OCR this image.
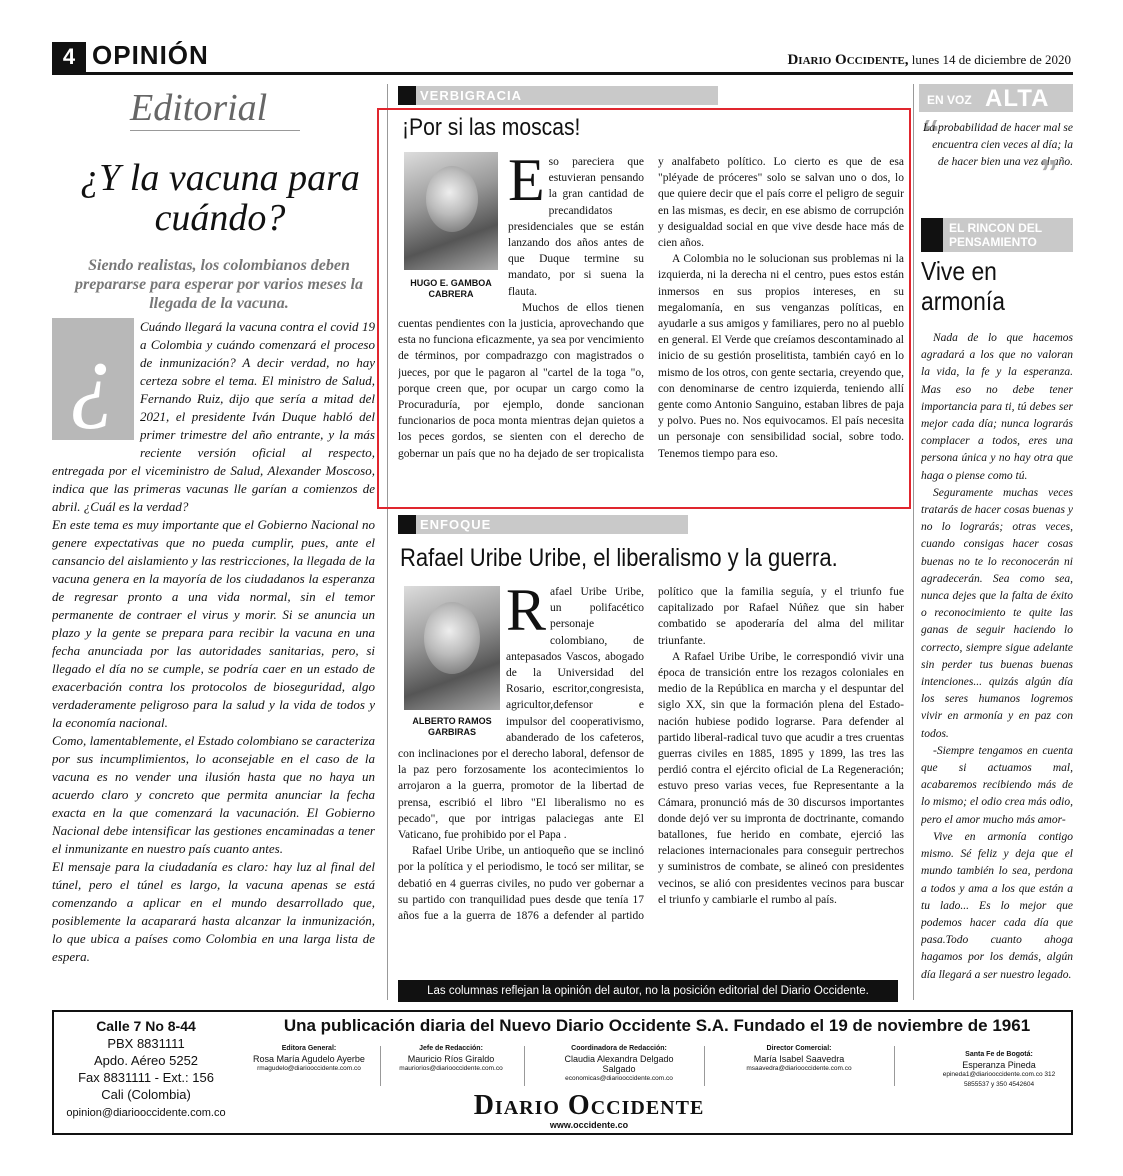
4 OPINIÓN	Diario Occidente, lunes 14 de diciembre de 2020
Editorial
¿Y la vacuna para cuándo?
Siendo realistas, los colombianos deben prepararse para esperar por varios meses la llegada de la vacuna.
¿	Cuándo llegará la vacuna contra el covid 19 a Colombia y cuándo comenzará el proceso de inmunización? A decir verdad, no hay certeza sobre el tema. El ministro de Salud, Fernando Ruiz, dijo que sería a mitad del 2021, el presidente Iván Duque habló del primer trimestre del año entrante, y la más reciente versión oficial al respecto, entregada por el viceministro de Salud, Alexander Moscoso, indica que las primeras vacunas lle garían a comienzos de abril. ¿Cuál es la verdad?

En este tema es muy importante que el Gobierno Nacional no genere expectativas que no pueda cumplir, pues, ante el cansancio del aislamiento y las restricciones, la llegada de la vacuna genera en la mayoría de los ciudadanos la esperanza de regresar pronto a una vida normal, sin el temor permanente de contraer el virus y morir. Si se anuncia un plazo y la gente se prepara para recibir la vacuna en una fecha anunciada por las autoridades sanitarias, pero, si llegado el día no se cumple, se podría caer en un estado de exacerbación contra los protocolos de bioseguridad, algo verdaderamente peligroso para la salud y la vida de todos y la economía nacional.

Como, lamentablemente, el Estado colombiano se caracteriza por sus incumplimientos, lo aconsejable en el caso de la vacuna es no vender una ilusión hasta que no haya un acuerdo claro y concreto que permita anunciar la fecha exacta en la que comenzará la vacunación. El Gobierno Nacional debe intensificar las gestiones encaminadas a tener el inmunizante en nuestro país cuanto antes.

El mensaje para la ciudadanía es claro: hay luz al final del túnel, pero el túnel es largo, la vacuna apenas se está comenzando a aplicar en el mundo desarrollado que, posiblemente la acaparará hasta alcanzar la inmunización, lo que ubica a países como Colombia en una larga lista de espera.

VERBIGRACIA
¡Por si las moscas!
HUGO E. GAMBOA CABRERA
E so pareciera que estuvieran pensando la gran cantidad de precandidatos presidenciales que se están lanzando dos años antes de que Duque termine su mandato, por si suena la flauta.

Muchos de ellos tienen cuentas pendientes con la justicia, aprovechando que esta no funciona eficazmente, ya sea por vencimiento de términos, por compadrazgo con magistrados o jueces, por que le pagaron al "cartel de la toga "o, porque creen que, por ocupar un cargo como la Procuraduría, por ejemplo, donde sancionan funcionarios de poca monta mientras dejan quietos a los peces gordos, se sienten con el derecho de gobernar un país que no ha dejado de ser tropicalista y analfabeto político. Lo cierto es que de esa "pléyade de próceres" solo se salvan uno o dos, lo que quiere decir que el país corre el peligro de seguir en las mismas, es decir, en ese abismo de corrupción y desigualdad social en que vive desde hace más de cien años.

A Colombia no le solucionan sus problemas ni la izquierda, ni la derecha ni el centro, pues estos están inmersos en sus propios intereses, en su megalomanía, en sus venganzas políticas, en ayudarle a sus amigos y familiares, pero no al pueblo en general. El Verde que creíamos descontaminado al inicio de su gestión proselitista, también cayó en lo mismo de los otros, con gente sectaria, creyendo que, con denominarse de centro izquierda, teniendo allí gente como Antonio Sanguino, estaban libres de paja y polvo. Pues no. Nos equivocamos. El país necesita un personaje con sensibilidad social, sobre todo. Tenemos tiempo para eso.

ENFOQUE
Rafael Uribe Uribe, el liberalismo y la guerra.
ALBERTO RAMOS GARBIRAS
R afael Uribe Uribe, un polifacético personaje colombiano, de antepasados Vascos, abogado de la Universidad del Rosario, escritor,congresista, agricultor,defensor e impulsor del cooperativismo, abanderado de los cafeteros, con inclinaciones por el derecho laboral, defensor de la paz pero forzosamente los acontecimientos lo arrojaron a la guerra, promotor de la libertad de prensa, escribió el libro "El liberalismo no es pecado", que por intrigas palaciegas ante El Vaticano, fue prohibido por el Papa .

Rafael Uribe Uribe, un antioqueño que se inclinó por la política y el periodismo, le tocó ser militar, se debatió en 4 guerras civiles, no pudo ver gobernar a su partido con tranquilidad pues desde que tenía 17 años fue a la guerra de 1876 a defender al partido político que la familia seguía, y el triunfo fue capitalizado por Rafael Núñez que sin haber combatido se apoderaría del alma del militar triunfante.

A Rafael Uribe Uribe, le correspondió vivir una época de transición entre los rezagos coloniales en medio de la República en marcha y el despuntar del siglo XX, sin que la formación plena del Estado-nación hubiese podido lograrse. Para defender al partido liberal-radical tuvo que acudir a tres cruentas guerras civiles en 1885, 1895 y 1899, las tres las perdió contra el ejército oficial de La Regeneración; estuvo preso varias veces, fue Representante a la Cámara, pronunció más de 30 discursos importantes donde dejó ver su impronta de doctrinante, comando batallones, fue herido en combate, ejerció las relaciones internacionales para conseguir pertrechos y suministros de combate, se alineó con presidentes vecinos, se alió con presidentes vecinos para buscar el triunfo y cambiarle el rumbo al país.

EN VOZ ALTA
“
La probabilidad de hacer mal se encuentra cien veces al día; la de hacer bien una vez al año.
”
EL RINCON DEL PENSAMIENTO
Vive en armonía

Nada de lo que hacemos agradará a los que no valoran la vida, la fe y la esperanza. Mas eso no debe tener importancia para ti, tú debes ser mejor cada día; nunca lograrás complacer a todos, eres una persona única y no hay otra que haga o piense como tú.

Seguramente muchas veces tratarás de hacer cosas buenas y no lo lograrás; otras veces, cuando consigas hacer cosas buenas no te lo reconocerán ni agradecerán. Sea como sea, nunca dejes que la falta de éxito o reconocimiento te quite las ganas de seguir haciendo lo correcto, siempre sigue adelante sin perder tus buenas buenas intenciones... quizás algún día los seres humanos logremos vivir en armonía y en paz con todos.

-Siempre tengamos en cuenta que si actuamos mal, acabaremos recibiendo más de lo mismo; el odio crea más odio, pero el amor mucho más amor-

Vive en armonía contigo mismo. Sé feliz y deja que el mundo también lo sea, perdona a todos y ama a los que están a tu lado... Es lo mejor que podemos hacer cada día que pasa.Todo cuanto ahoga hagamos por los demás, algún día llegará a ser nuestro legado.

Las columnas reflejan la opinión del autor, no la posición editorial del Diario Occidente.
Calle 7 No 8-44
PBX 8831111
Apdo. Aéreo 5252
Fax 8831111 - Ext.: 156
Cali (Colombia)
opinion@diariooccidente.com.co
Una publicación diaria del Nuevo Diario Occidente S.A. Fundado el 19 de noviembre de 1961
Editora General:
Rosa María Agudelo Ayerbe
rmagudelo@diariooccidente.com.co
Jefe de Redacción:
Mauricio Ríos Giraldo
mauriorios@diariooccidente.com.co
Coordinadora de Redacción:
Claudia Alexandra Delgado Salgado
economicas@diariooccidente.com.co
Director Comercial:
María Isabel Saavedra
msaavedra@diariooccidente.com.co
Santa Fe de Bogotá:
Esperanza Pineda
epineda1@diariooccidente.com.co 312 5855537 y 350 4542604
Diario Occidente
www.occidente.co
